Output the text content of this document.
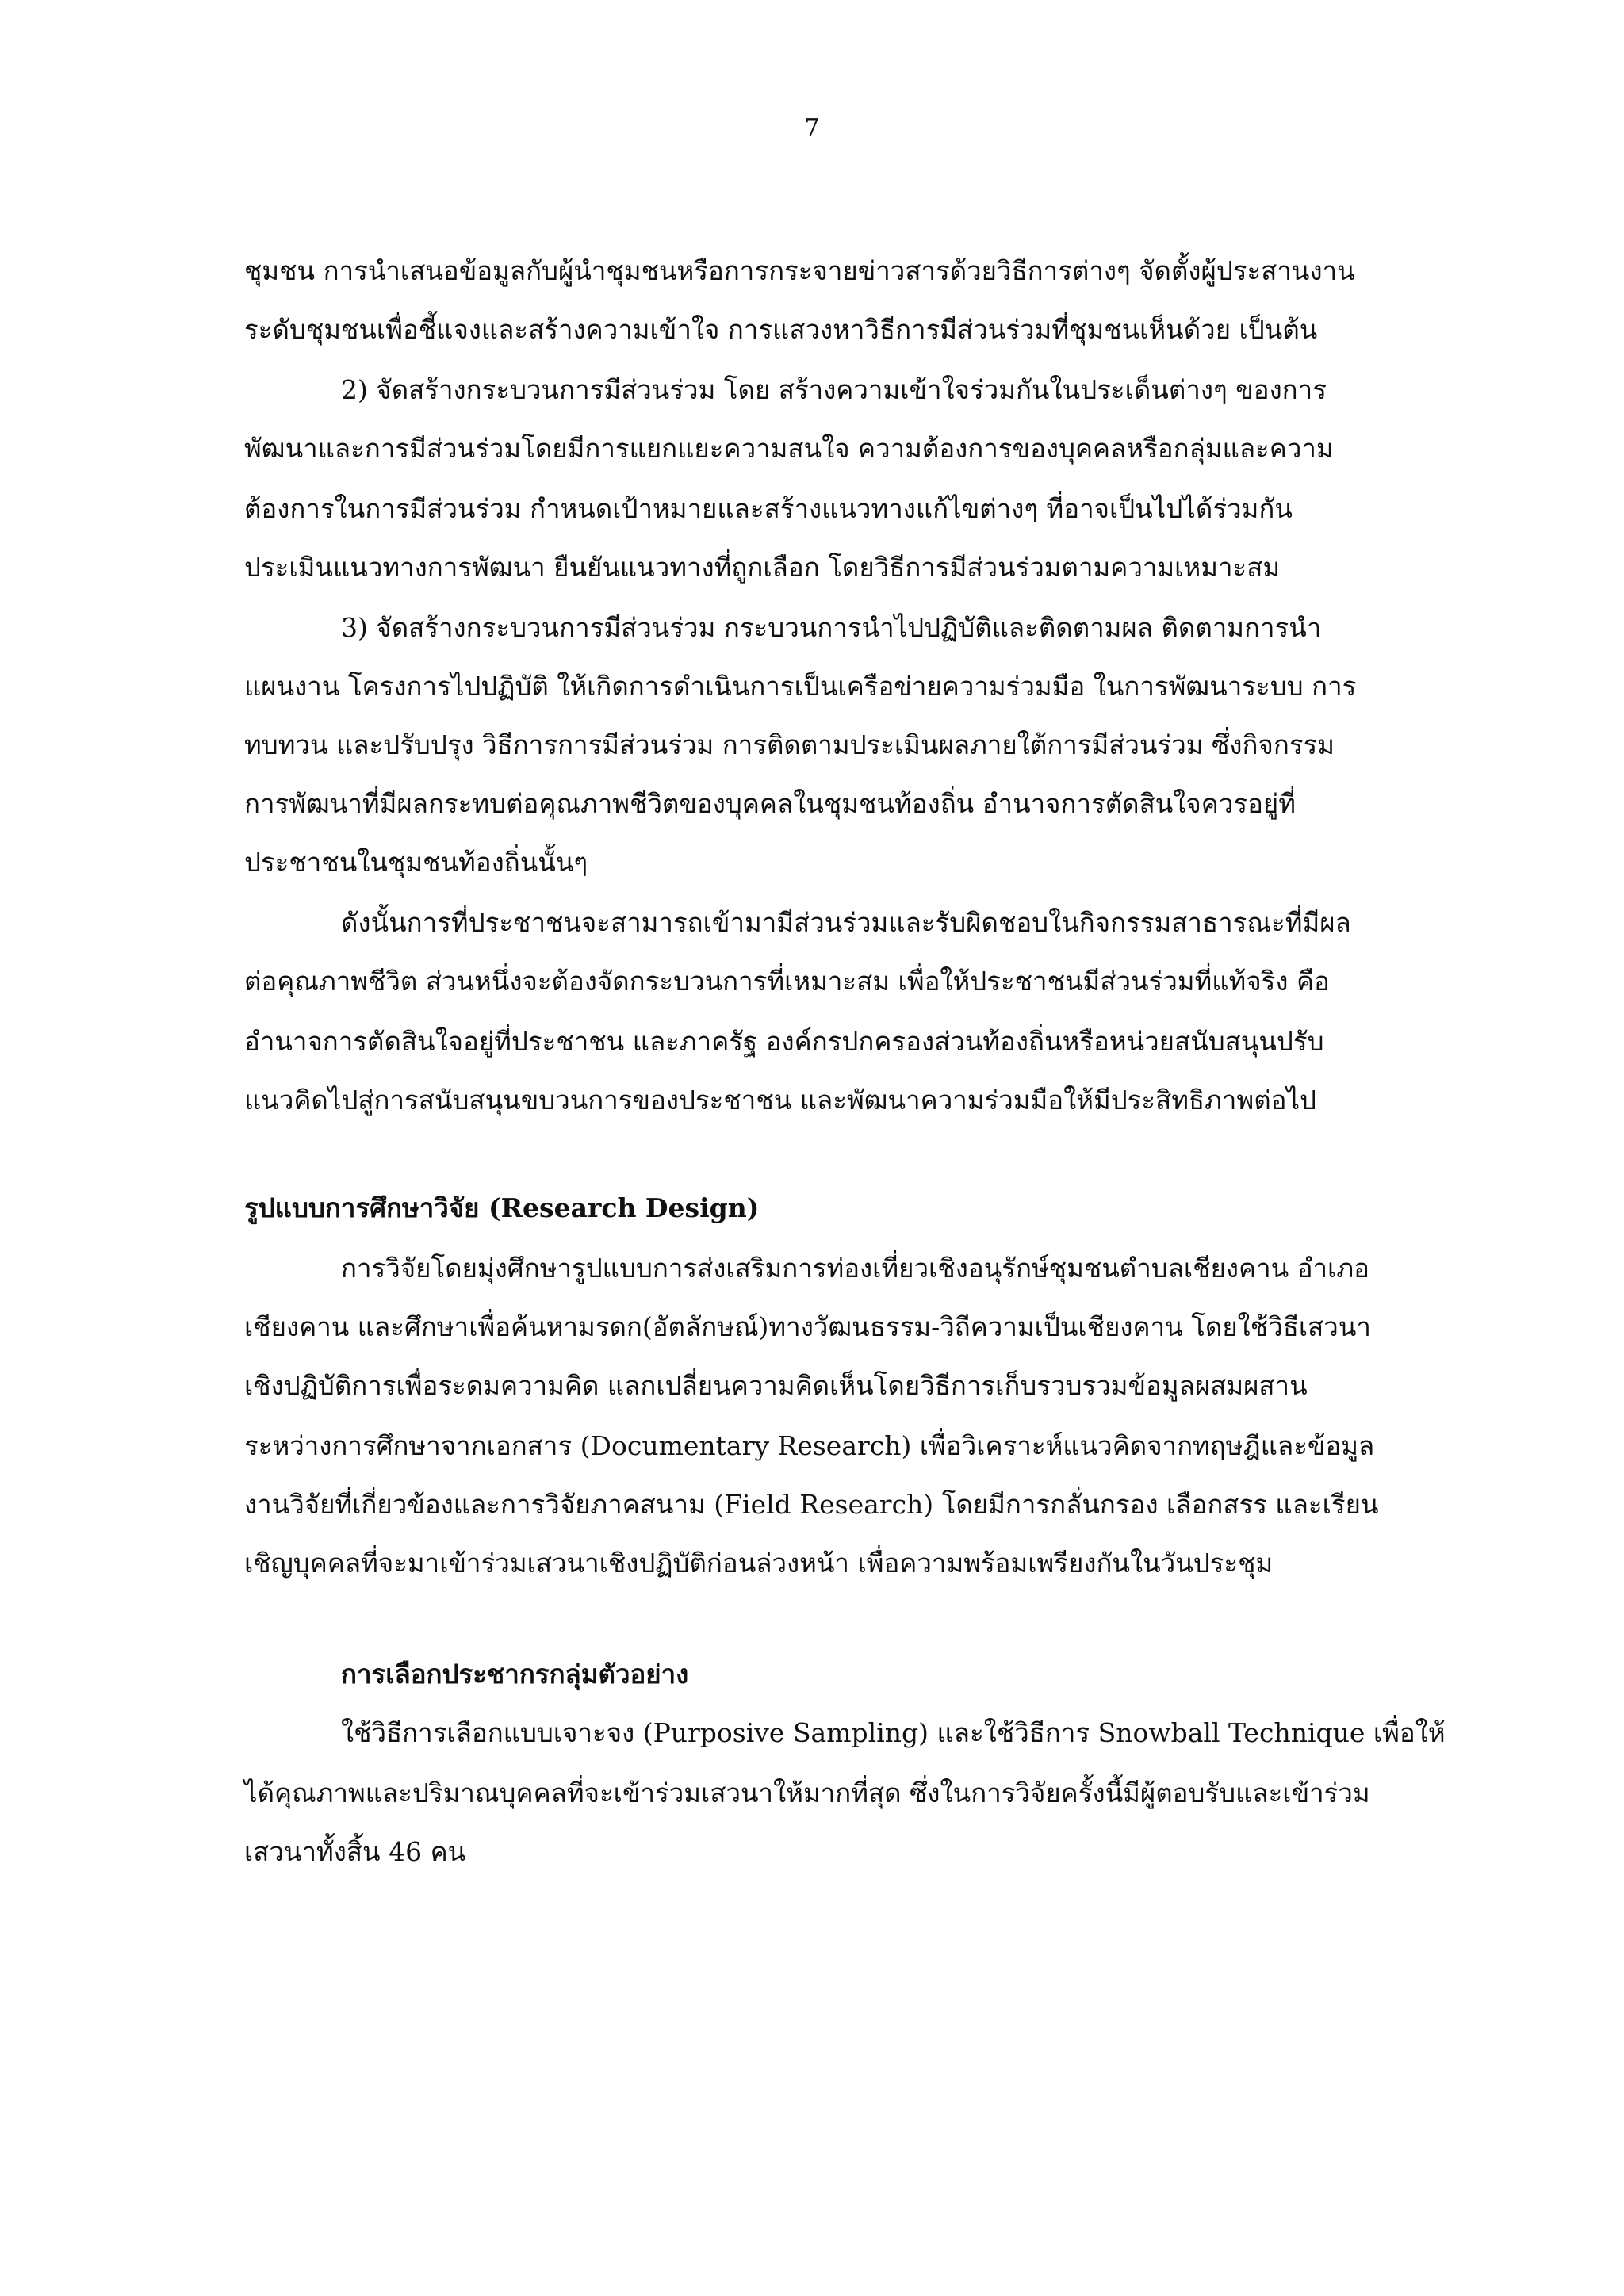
7
ชุมชน การนำเสนอข้อมูลกับผู้นำชุมชนหรือการกระจายข่าวสารด้วยวิธีการต่างๆ จัดตั้งผู้ประสานงาน
ระดับชุมชนเพื่อชี้แจงและสร้างความเข้าใจ การแสวงหาวิธีการมีส่วนร่วมที่ชุมชนเห็นด้วย เป็นต้น
2) จัดสร้างกระบวนการมีส่วนร่วม โดย สร้างความเข้าใจร่วมกันในประเด็นต่างๆ ของการ
พัฒนาและการมีส่วนร่วมโดยมีการแยกแยะความสนใจ ความต้องการของบุคคลหรือกลุ่มและความ
ต้องการในการมีส่วนร่วม กำหนดเป้าหมายและสร้างแนวทางแก้ไขต่างๆ ที่อาจเป็นไปได้ร่วมกัน
ประเมินแนวทางการพัฒนา ยืนยันแนวทางที่ถูกเลือก โดยวิธีการมีส่วนร่วมตามความเหมาะสม
3) จัดสร้างกระบวนการมีส่วนร่วม กระบวนการนำไปปฏิบัติและติดตามผล ติดตามการนำ
แผนงาน โครงการไปปฏิบัติ ให้เกิดการดำเนินการเป็นเครือข่ายความร่วมมือ ในการพัฒนาระบบ การ
ทบทวน และปรับปรุง วิธีการการมีส่วนร่วม การติดตามประเมินผลภายใต้การมีส่วนร่วม ซึ่งกิจกรรม
การพัฒนาที่มีผลกระทบต่อคุณภาพชีวิตของบุคคลในชุมชนท้องถิ่น อำนาจการตัดสินใจควรอยู่ที่
ประชาชนในชุมชนท้องถิ่นนั้นๆ
ดังนั้นการที่ประชาชนจะสามารถเข้ามามีส่วนร่วมและรับผิดชอบในกิจกรรมสาธารณะที่มีผล
ต่อคุณภาพชีวิต ส่วนหนึ่งจะต้องจัดกระบวนการที่เหมาะสม เพื่อให้ประชาชนมีส่วนร่วมที่แท้จริง คือ
อำนาจการตัดสินใจอยู่ที่ประชาชน และภาครัฐ องค์กรปกครองส่วนท้องถิ่นหรือหน่วยสนับสนุนปรับ
แนวคิดไปสู่การสนับสนุนขบวนการของประชาชน และพัฒนาความร่วมมือให้มีประสิทธิภาพต่อไป
รูปแบบการศึกษาวิจัย (Research Design)
การวิจัยโดยมุ่งศึกษารูปแบบการส่งเสริมการท่องเที่ยวเชิงอนุรักษ์ชุมชนตำบลเชียงคาน อำเภอ
เชียงคาน และศึกษาเพื่อค้นหามรดก(อัตลักษณ์)ทางวัฒนธรรม-วิถีความเป็นเชียงคาน โดยใช้วิธีเสวนา
เชิงปฏิบัติการเพื่อระดมความคิด แลกเปลี่ยนความคิดเห็นโดยวิธีการเก็บรวบรวมข้อมูลผสมผสาน
ระหว่างการศึกษาจากเอกสาร (Documentary Research) เพื่อวิเคราะห์แนวคิดจากทฤษฎีและข้อมูล
งานวิจัยที่เกี่ยวข้องและการวิจัยภาคสนาม (Field Research) โดยมีการกลั่นกรอง เลือกสรร และเรียน
เชิญบุคคลที่จะมาเข้าร่วมเสวนาเชิงปฏิบัติก่อนล่วงหน้า เพื่อความพร้อมเพรียงกันในวันประชุม
การเลือกประชากรกลุ่มตัวอย่าง
ใช้วิธีการเลือกแบบเจาะจง (Purposive Sampling) และใช้วิธีการ Snowball Technique เพื่อให้
ได้คุณภาพและปริมาณบุคคลที่จะเข้าร่วมเสวนาให้มากที่สุด ซึ่งในการวิจัยครั้งนี้มีผู้ตอบรับและเข้าร่วม
เสวนาทั้งสิ้น 46 คน
